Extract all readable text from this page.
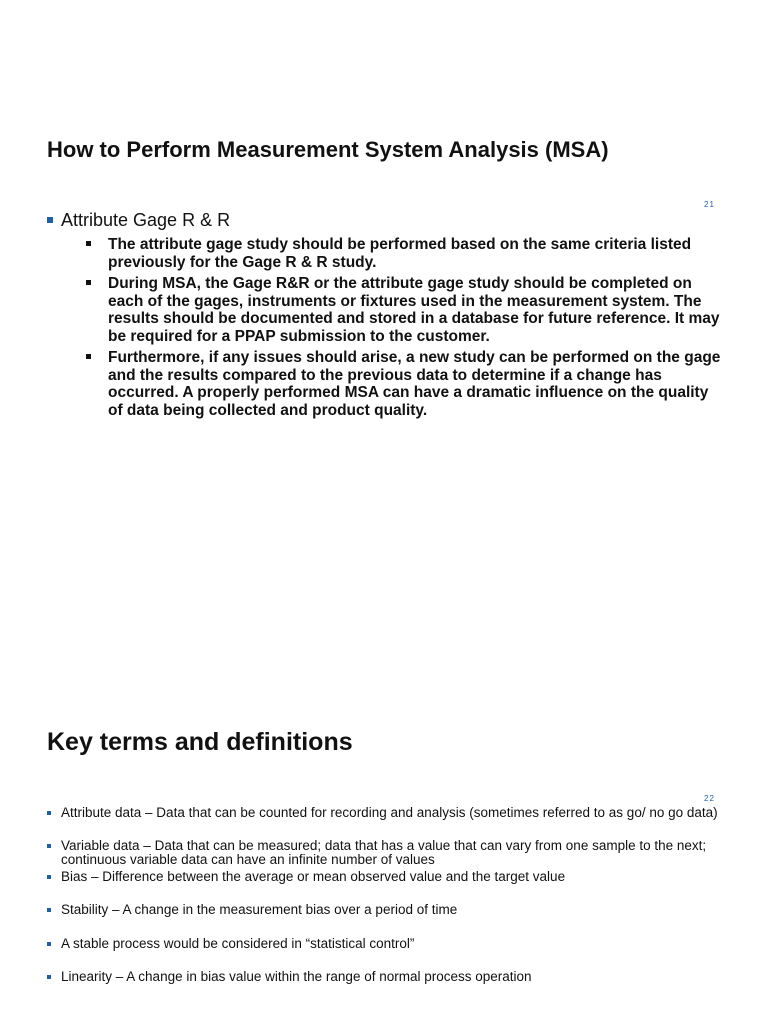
How to Perform Measurement System Analysis (MSA)
21
Attribute Gage R & R
The attribute gage study should be performed based on the same criteria listed previously for the Gage R & R study.
During MSA, the Gage R&R or the attribute gage study should be completed on each of the gages, instruments or fixtures used in the measurement system. The results should be documented and stored in a database for future reference. It may be required for a PPAP submission to the customer.
Furthermore, if any issues should arise, a new study can be performed on the gage and the results compared to the previous data to determine if a change has occurred. A properly performed MSA can have a dramatic influence on the quality of data being collected and product quality.
Key terms and definitions
22
Attribute data – Data that can be counted for recording and analysis (sometimes referred to as go/ no go data)
Variable data – Data that can be measured; data that has a value that can vary from one sample to the next; continuous variable data can have an infinite number of values
Bias – Difference between the average or mean observed value and the target value
Stability – A change in the measurement bias over a period of time
A stable process would be considered in “statistical control”
Linearity – A change in bias value within the range of normal process operation
